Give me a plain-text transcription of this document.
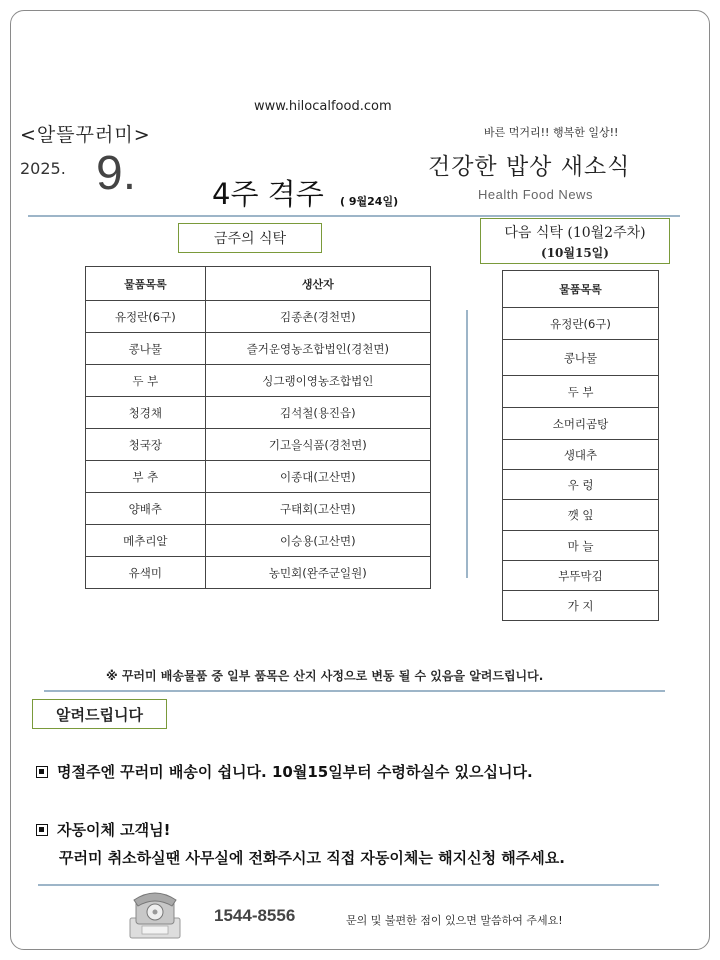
www.hilocalfood.com
<알뜰꾸러미>
2025. 9.	4주 격주 ( 9월24일)
바른 먹거리!! 행복한 일상!!
건강한 밥상 새소식
Health Food News
금주의 식탁	다음 식탁 (10월2주차)
(10월15일)
물품목록	생산자
유정란(6구)	김종촌(경천면)
콩나물	즐거운영농조합법인(경천면)
두 부	싱그랭이영농조합법인
청경채	김석철(용진읍)
청국장	기고을식품(경천면)
부 추	이종대(고산면)
양배추	구태회(고산면)
메추리알	이승용(고산면)
유색미	농민회(완주군일원)
물품목록
유정란(6구)
콩나물
두 부
소머리곰탕
생대추
우 렁
깻 잎
마 늘
부뚜막김
가 지
※ 꾸러미 배송물품 중 일부 품목은 산지 사정으로 변동 될 수 있음을 알려드립니다.
알려드립니다
명절주엔 꾸러미 배송이 쉽니다. 10월15일부터 수령하실수 있으십니다.
자동이체 고객님!
꾸러미 취소하실땐 사무실에 전화주시고 직접 자동이체는 해지신청 해주세요.
1544-8556	문의 및 불편한 점이 있으면 말씀하여 주세요!
